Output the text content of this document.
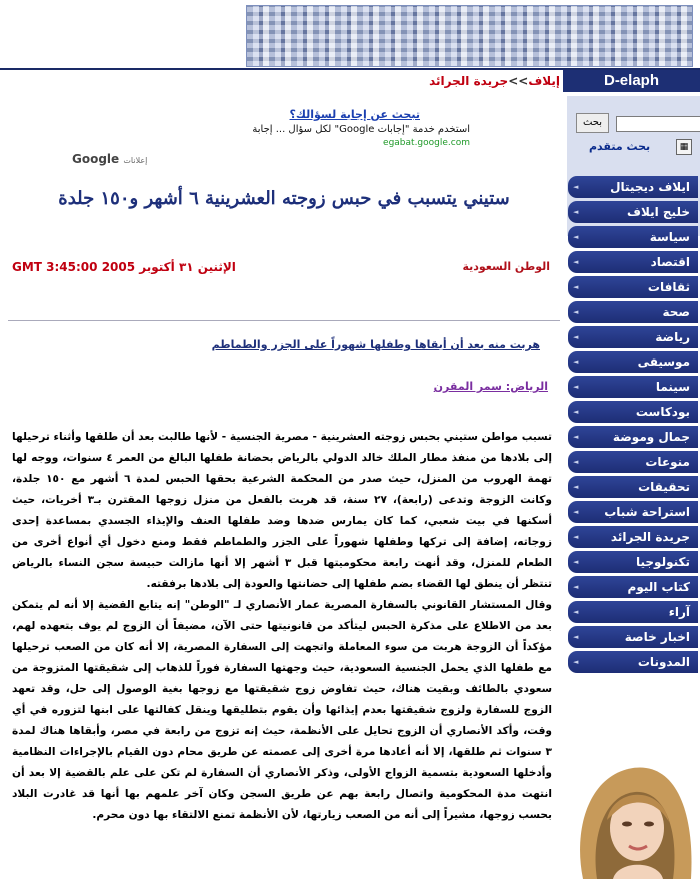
D-elaph
بحث
بحث متقدم	▦
◄ ايلاف ديجيتال
◄ خليج ايلاف
◄ سياسة
◄ اقتصاد
◄ ثقافات
◄ صحة
◄ رياضة
◄ موسيقى
◄ سينما
◄ بودكاست
◄ جمال وموضة
◄ منوعات
◄ تحقيقات
◄ استراحة شباب
◄ جريدة الجرائد
◄ تكنولوجيا
◄ كتاب اليوم
◄ آراء
◄ اخبار خاصة
◄ المدونات
إيلاف>>جريدة الجرائد
تبحث عن إجابة لسؤالك؟
استخدم خدمة "إجابات Google" لكل سؤال ... إجابة
egabat.google.com
Google إعلانات
ستيني يتسبب في حبس زوجته العشرينية ٦ أشهر و١٥٠ جلدة
الوطن السعودية
الإثنين ٣١ أكتوبر 2005 GMT 3:45:00
هربت منه بعد أن أبقاها وطفلها شهوراً على الجزر والطماطم
الرياض: سمر المقرن

تسبب مواطن ستيني بحبس زوجته العشرينية - مصرية الجنسية - لأنها طالبت بعد أن طلقها وأثناء ترحيلها إلى بلادها من منفذ مطار الملك خالد الدولي بالرياض بحضانة طفلها البالغ من العمر ٤ سنوات، ووجه لها تهمة الهروب من المنزل، حيث صدر من المحكمة الشرعية بحقها الحبس لمدة ٦ أشهر مع ١٥٠ جلدة، وكانت الزوجة وتدعى (رابعة)، ٢٧ سنة، قد هربت بالفعل من منزل زوجها المقترن بـ٣ أخريات، حيث أسكنها في بيت شعبي، كما كان يمارس ضدها وضد طفلها العنف والإيذاء الجسدي بمساعدة إحدى زوجاته، إضافة إلى تركها وطفلها شهوراً على الجزر والطماطم فقط ومنع دخول أي أنواع أخرى من الطعام للمنزل، وقد أنهت رابعة محكوميتها قبل ٣ أشهر إلا أنها مازالت حبيسة سجن النساء بالرياض تنتظر أن ينطق لها القضاء بضم طفلها إلى حضانتها والعودة إلى بلادها برفقته.

وقال المستشار القانوني بالسفارة المصرية عمار الأنصاري لـ "الوطن" إنه يتابع القضية إلا أنه لم يتمكن بعد من الاطلاع على مذكرة الحبس ليتأكد من قانونيتها حتى الآن، مضيفاً أن الزوج لم يوف بتعهده لهم، مؤكداً أن الزوجة هربت من سوء المعاملة واتجهت إلى السفارة المصرية، إلا أنه كان من الصعب ترحيلها مع طفلها الذي يحمل الجنسية السعودية، حيث وجهتها السفارة فوراً للذهاب إلى شقيقتها المتزوجة من سعودي بالطائف وبقيت هناك، حيث تفاوض زوج شقيقتها مع زوجها بغية الوصول إلى حل، وقد تعهد الزوج للسفارة ولزوج شقيقتها بعدم إيذائها وأن يقوم بتطليقها وينقل كفالتها على ابنها لتزوره في أي وقت، وأكد الأنصاري أن الزوج تحايل على الأنظمة، حيث إنه تزوج من رابعة في مصر، وأبقاها هناك لمدة ٣ سنوات ثم طلقها، إلا أنه أعادها مرة أخرى إلى عصمته عن طريق محام دون القيام بالإجراءات النظامية وأدخلها السعودية بتسمية الزواج الأولى، وذكر الأنصاري أن السفارة لم تكن على علم بالقضية إلا بعد أن انتهت مدة المحكومية واتصال رابعة بهم عن طريق السجن وكان آخر علمهم بها أنها قد غادرت البلاد بحسب زوجها، مشيراً إلى أنه من الصعب زيارتها، لأن الأنظمة تمنع الالتقاء بها دون محرم.
